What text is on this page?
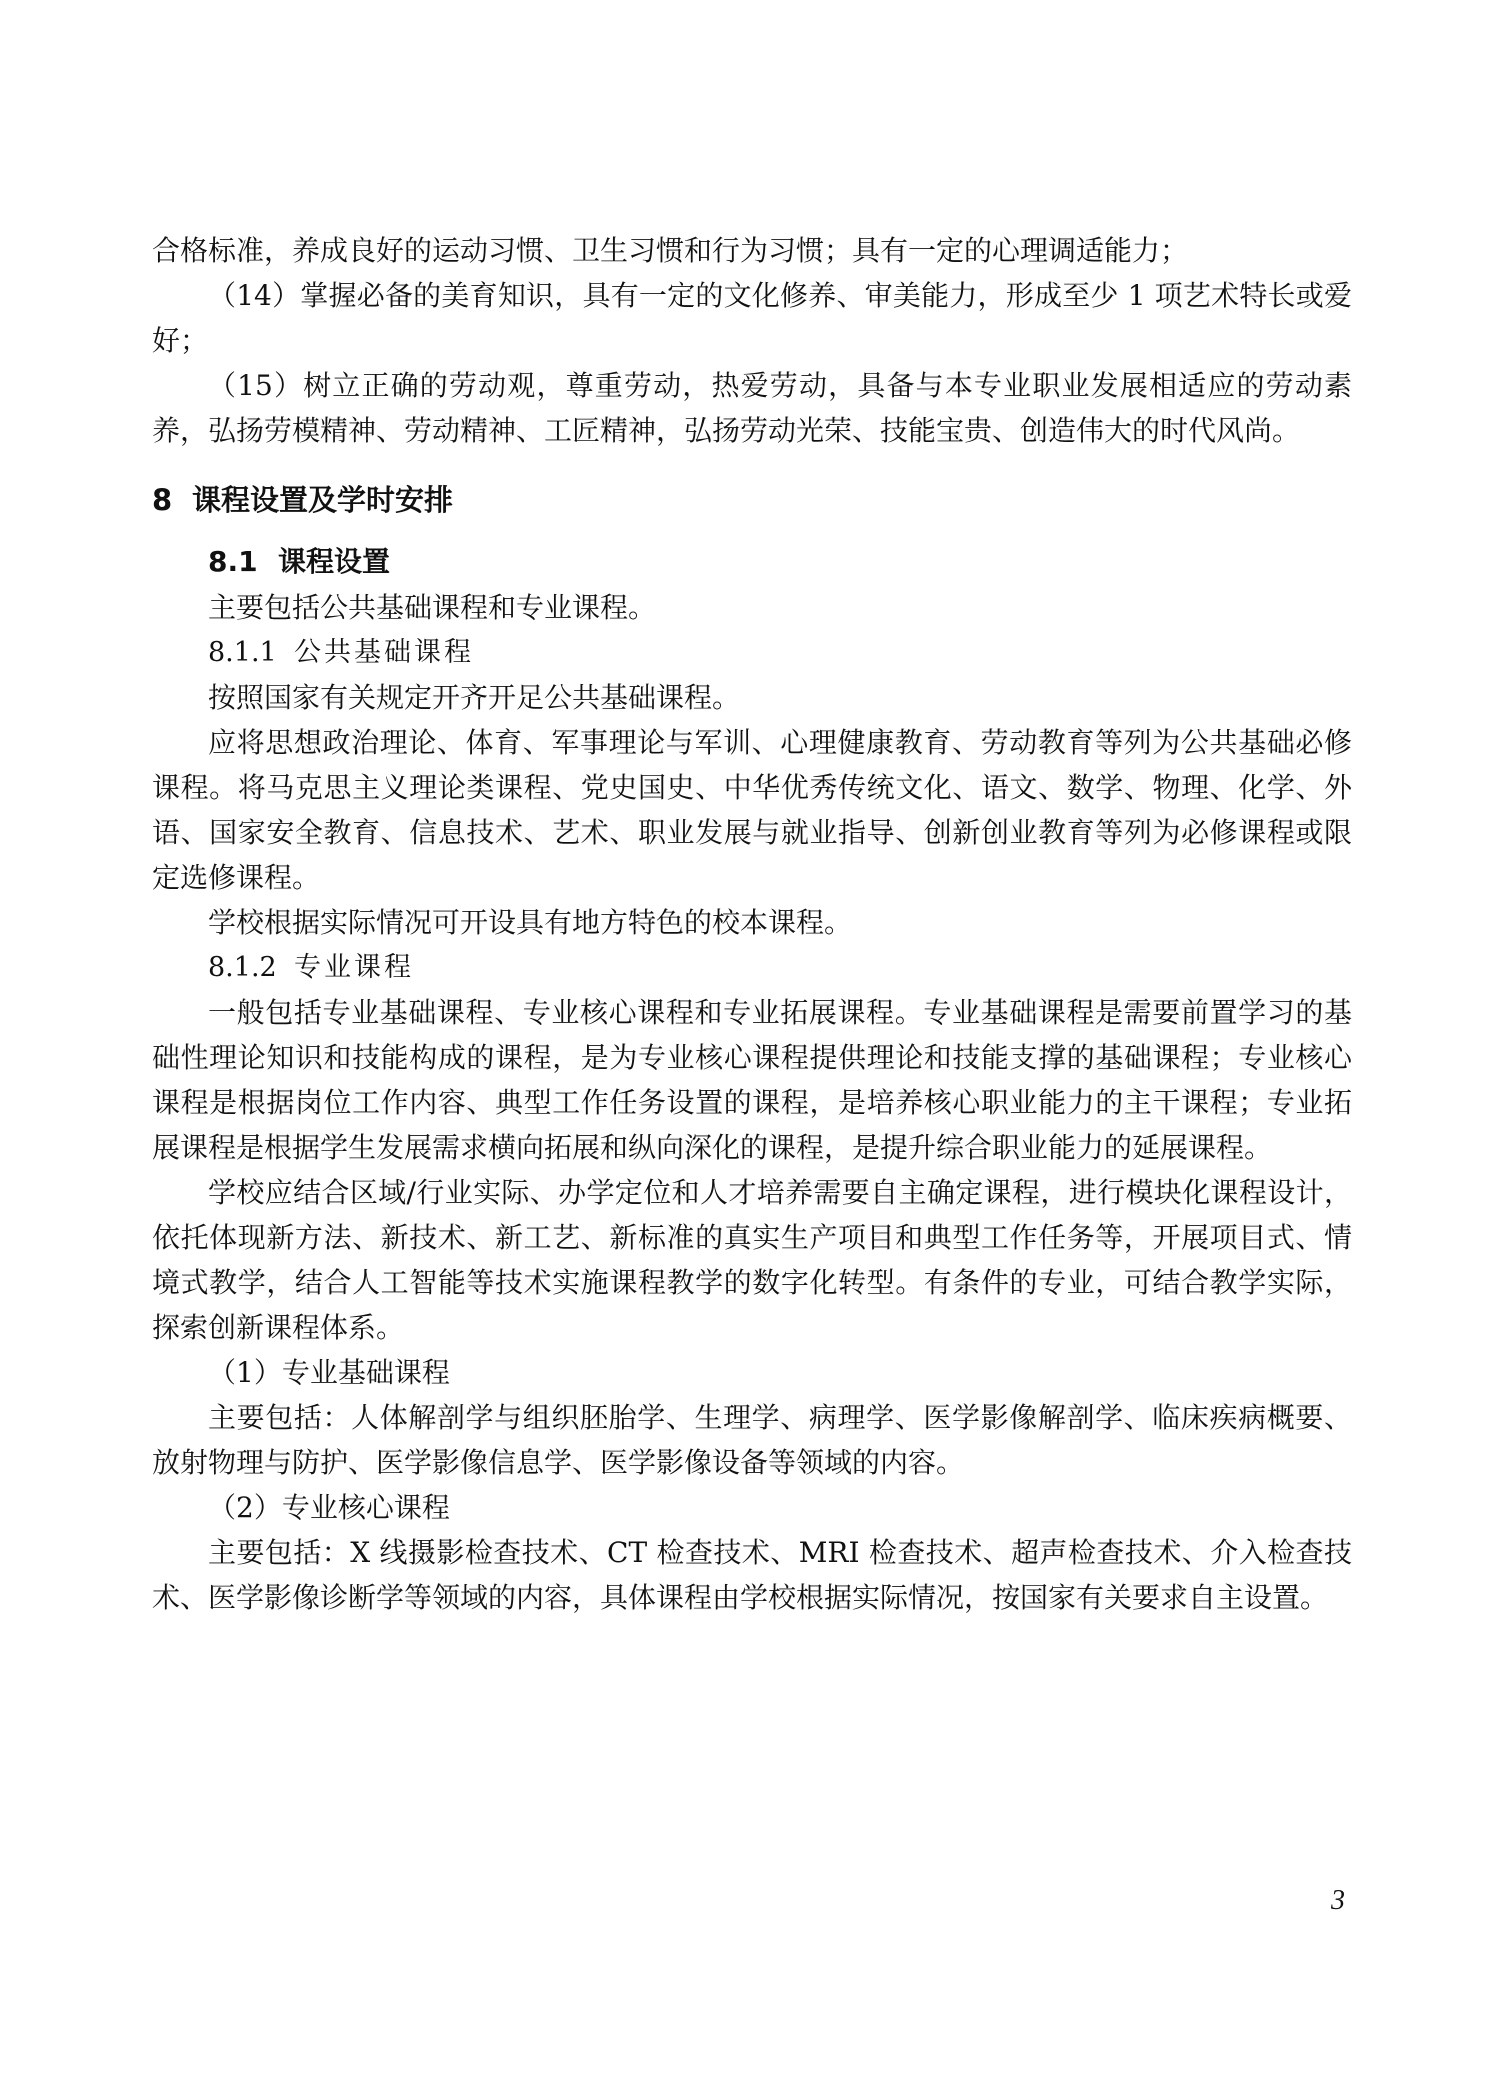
合格标准，养成良好的运动习惯、卫生习惯和行为习惯；具有一定的心理调适能力；

（14）掌握必备的美育知识，具有一定的文化修养、审美能力，形成至少 1 项艺术特长或爱好；

（15）树立正确的劳动观，尊重劳动，热爱劳动，具备与本专业职业发展相适应的劳动素养，弘扬劳模精神、劳动精神、工匠精神，弘扬劳动光荣、技能宝贵、创造伟大的时代风尚。

8 课程设置及学时安排
8.1 课程设置

主要包括公共基础课程和专业课程。

8.1.1 公共基础课程

按照国家有关规定开齐开足公共基础课程。

应将思想政治理论、体育、军事理论与军训、心理健康教育、劳动教育等列为公共基础必修课程。将马克思主义理论类课程、党史国史、中华优秀传统文化、语文、数学、物理、化学、外语、国家安全教育、信息技术、艺术、职业发展与就业指导、创新创业教育等列为必修课程或限定选修课程。

学校根据实际情况可开设具有地方特色的校本课程。

8.1.2 专业课程

一般包括专业基础课程、专业核心课程和专业拓展课程。专业基础课程是需要前置学习的基础性理论知识和技能构成的课程，是为专业核心课程提供理论和技能支撑的基础课程；专业核心课程是根据岗位工作内容、典型工作任务设置的课程，是培养核心职业能力的主干课程；专业拓展课程是根据学生发展需求横向拓展和纵向深化的课程，是提升综合职业能力的延展课程。

学校应结合区域/行业实际、办学定位和人才培养需要自主确定课程，进行模块化课程设计，依托体现新方法、新技术、新工艺、新标准的真实生产项目和典型工作任务等，开展项目式、情境式教学，结合人工智能等技术实施课程教学的数字化转型。有条件的专业，可结合教学实际，探索创新课程体系。

（1）专业基础课程

主要包括：人体解剖学与组织胚胎学、生理学、病理学、医学影像解剖学、临床疾病概要、放射物理与防护、医学影像信息学、医学影像设备等领域的内容。

（2）专业核心课程

主要包括：X 线摄影检查技术、CT 检查技术、MRI 检查技术、超声检查技术、介入检查技术、医学影像诊断学等领域的内容，具体课程由学校根据实际情况，按国家有关要求自主设置。

3
